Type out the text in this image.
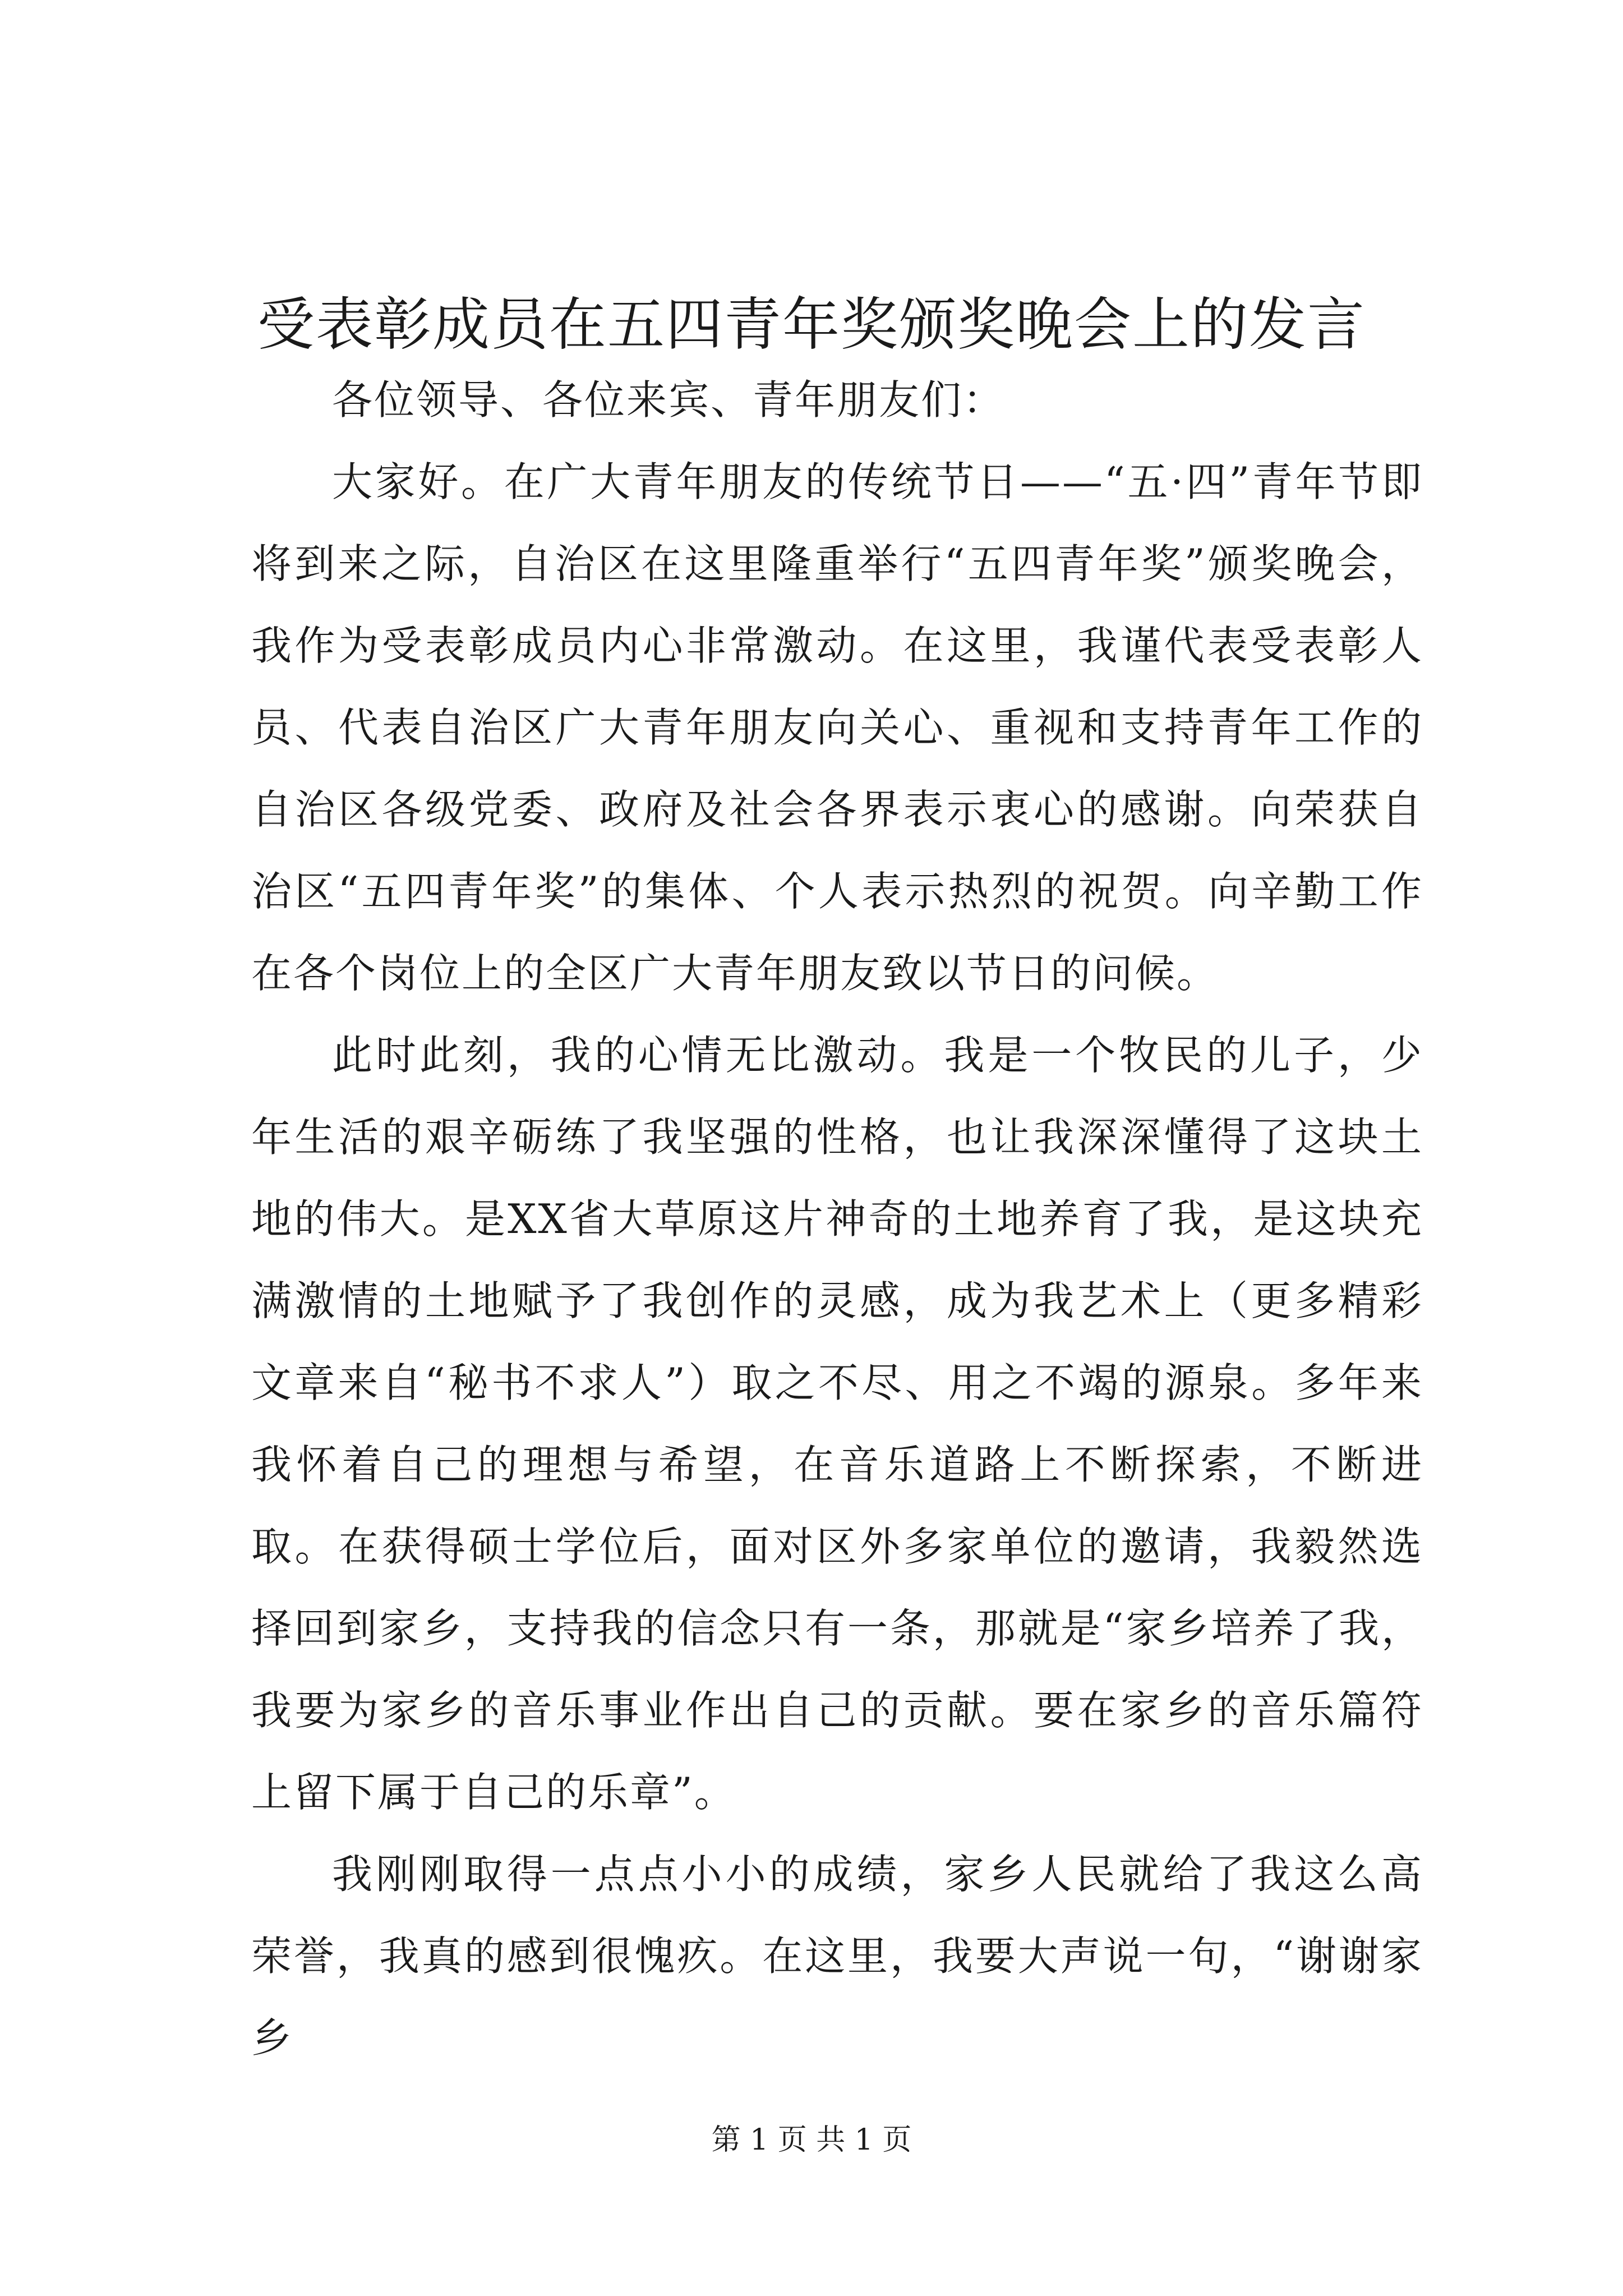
受表彰成员在五四青年奖颁奖晚会上的发言

各位领导、各位来宾、青年朋友们：

大家好。在广大青年朋友的传统节日——“五·四”青年节即将到来之际，自治区在这里隆重举行“五四青年奖”颁奖晚会，我作为受表彰成员内心非常激动。在这里，我谨代表受表彰人员、代表自治区广大青年朋友向关心、重视和支持青年工作的自治区各级党委、政府及社会各界表示衷心的感谢。向荣获自治区“五四青年奖”的集体、个人表示热烈的祝贺。向辛勤工作在各个岗位上的全区广大青年朋友致以节日的问候。

此时此刻，我的心情无比激动。我是一个牧民的儿子，少年生活的艰辛砺练了我坚强的性格，也让我深深懂得了这块土地的伟大。是XX省大草原这片神奇的土地养育了我，是这块充满激情的土地赋予了我创作的灵感，成为我艺术上（更多精彩文章来自“秘书不求人”）取之不尽、用之不竭的源泉。多年来我怀着自己的理想与希望，在音乐道路上不断探索，不断进取。在获得硕士学位后，面对区外多家单位的邀请，我毅然选择回到家乡，支持我的信念只有一条，那就是“家乡培养了我，我要为家乡的音乐事业作出自己的贡献。要在家乡的音乐篇符上留下属于自己的乐章”。

我刚刚取得一点点小小的成绩，家乡人民就给了我这么高荣誉，我真的感到很愧疚。在这里，我要大声说一句，“谢谢家乡

第 1 页 共 1 页
